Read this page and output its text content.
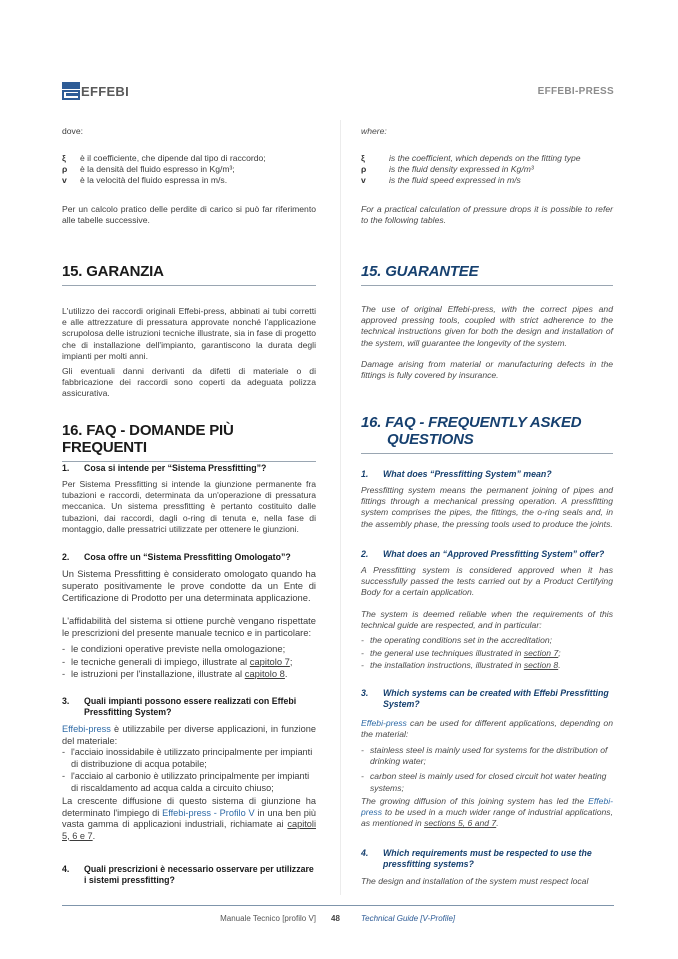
EFFEBI	EFFEBI-PRESS
dove:
ξ	è il coefficiente, che dipende dal tipo di raccordo;
ρ	è la densità del fluido espresso in Kg/m³;
v	è la velocità del fluido espressa in m/s.

Per un calcolo pratico delle perdite di carico si può far riferimento alle tabelle successive.

15. GARANZIA

L'utilizzo dei raccordi originali Effebi-press, abbinati ai tubi corretti e alle attrezzature di pressatura approvate nonché l'applicazione scrupolosa delle istruzioni tecniche illustrate, sia in fase di progetto che di installazione dell'impianto, garantiscono la durata degli impianti per molti anni.

Gli eventuali danni derivanti da difetti di materiale o di fabbricazione dei raccordi sono coperti da adeguata polizza assicurativa.

16. FAQ - DOMANDE PIÙ FREQUENTI
1.	Cosa si intende per “Sistema Pressfitting”?

Per Sistema Pressfitting si intende la giunzione permanente fra tubazioni e raccordi, determinata da un'operazione di pressatura meccanica. Un sistema pressfitting è pertanto costituito dalle tubazioni, dai raccordi, dagli o-ring di tenuta e, nella fase di montaggio, dalle pressatrici utilizzate per ottenere le giunzioni.

2.	Cosa offre un “Sistema Pressfitting Omologato”?

Un Sistema Pressfitting è considerato omologato quando ha superato positivamente le prove condotte da un Ente di Certificazione di Prodotto per una determinata applicazione.

L'affidabilità del sistema si ottiene purchè vengano rispettate le prescrizioni del presente manuale tecnico e in particolare:

- le condizioni operative previste nella omologazione;
- le tecniche generali di impiego, illustrate al capitolo 7;
- le istruzioni per l'installazione, illustrate al capitolo 8.
3.	Quali impianti possono essere realizzati con Effebi Pressfitting System?

Effebi-press è utilizzabile per diverse applicazioni, in funzione del materiale:

- l'acciaio inossidabile è utilizzato principalmente per impianti di distribuzione di acqua potabile;
- l'acciaio al carbonio è utilizzato principalmente per impianti di riscaldamento ad acqua calda a circuito chiuso;

La crescente diffusione di questo sistema di giunzione ha determinato l'impiego di Effebi-press - Profilo V in una ben più vasta gamma di applicazioni industriali, richiamate ai capitoli 5, 6 e 7.

4.	Quali prescrizioni è necessario osservare per utilizzare i sistemi pressfitting?
where:
ξ	is the coefficient, which depends on the fitting type
ρ	is the fluid density expressed in Kg/m³
v	is the fluid speed expressed in m/s

For a practical calculation of pressure drops it is possible to refer to the following tables.

15. GUARANTEE

The use of original Effebi-press, with the correct pipes and approved pressing tools, coupled with strict adherence to the technical instructions given for both the design and installation of the system, will guarantee the longevity of the system.

Damage arising from material or manufacturing defects in the fittings is fully covered by insurance.

16. FAQ - FREQUENTLY ASKED
QUESTIONS
1.	What does “Pressfitting System” mean?

Pressfitting system means the permanent joining of pipes and fittings through a mechanical pressing operation. A pressfitting system comprises the pipes, the fittings, the o-ring seals and, in the assembly phase, the pressing tools used to produce the joints.

2.	What does an “Approved Pressfitting System” offer?

A Pressfitting system is considered approved when it has successfully passed the tests carried out by a Product Certifying Body for a certain application.

The system is deemed reliable when the requirements of this technical guide are respected, and in particular:

- the operating conditions set in the accreditation;
- the general use techniques illustrated in section 7;
- the installation instructions, illustrated in section 8.
3.	Which systems can be created with Effebi Pressfitting System?

Effebi-press can be used for different applications, depending on the material:

- stainless steel is mainly used for systems for the distribution of drinking water;
- carbon steel is mainly used for closed circuit hot water heating systems;

The growing diffusion of this joining system has led the Effebi-press to be used in a much wider range of industrial applications, as mentioned in sections 5, 6 and 7.

4.	Which requirements must be respected to use the pressfitting systems?

The design and installation of the system must respect local

Manuale Tecnico [profilo V] 48	Technical Guide [V-Profile]
